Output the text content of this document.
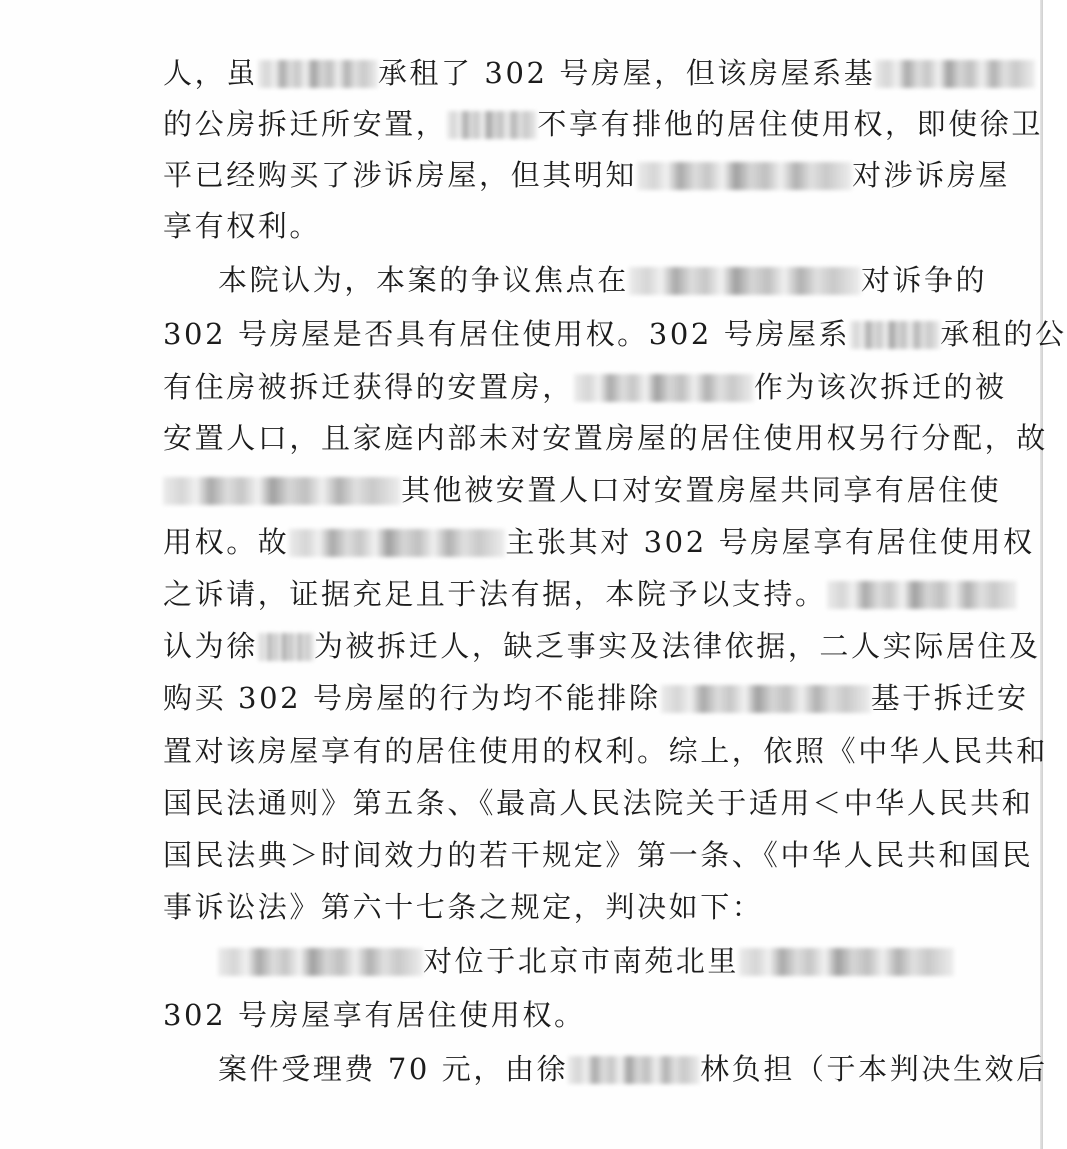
人，虽	承租了 302 号房屋，但该房屋系基
的公房拆迁所安置，	不享有排他的居住使用权，即使徐卫
平已经购买了涉诉房屋，但其明知	对涉诉房屋
享有权利。
本院认为，本案的争议焦点在	对诉争的
302 号房屋是否具有居住使用权。302 号房屋系	承租的公
有住房被拆迁获得的安置房，	作为该次拆迁的被
安置人口，且家庭内部未对安置房屋的居住使用权另行分配，故
其他被安置人口对安置房屋共同享有居住使
用权。故	主张其对 302 号房屋享有居住使用权
之诉请，证据充足且于法有据，本院予以支持。
认为徐 为被拆迁人，缺乏事实及法律依据，二人实际居住及
购买 302 号房屋的行为均不能排除	基于拆迁安
置对该房屋享有的居住使用的权利。综上，依照《中华人民共和
国民法通则》第五条、《最高人民法院关于适用＜中华人民共和
国民法典＞时间效力的若干规定》第一条、《中华人民共和国民
事诉讼法》第六十七条之规定，判决如下：
对位于北京市南苑北里
302 号房屋享有居住使用权。
案件受理费 70 元，由徐	林负担（于本判决生效后
